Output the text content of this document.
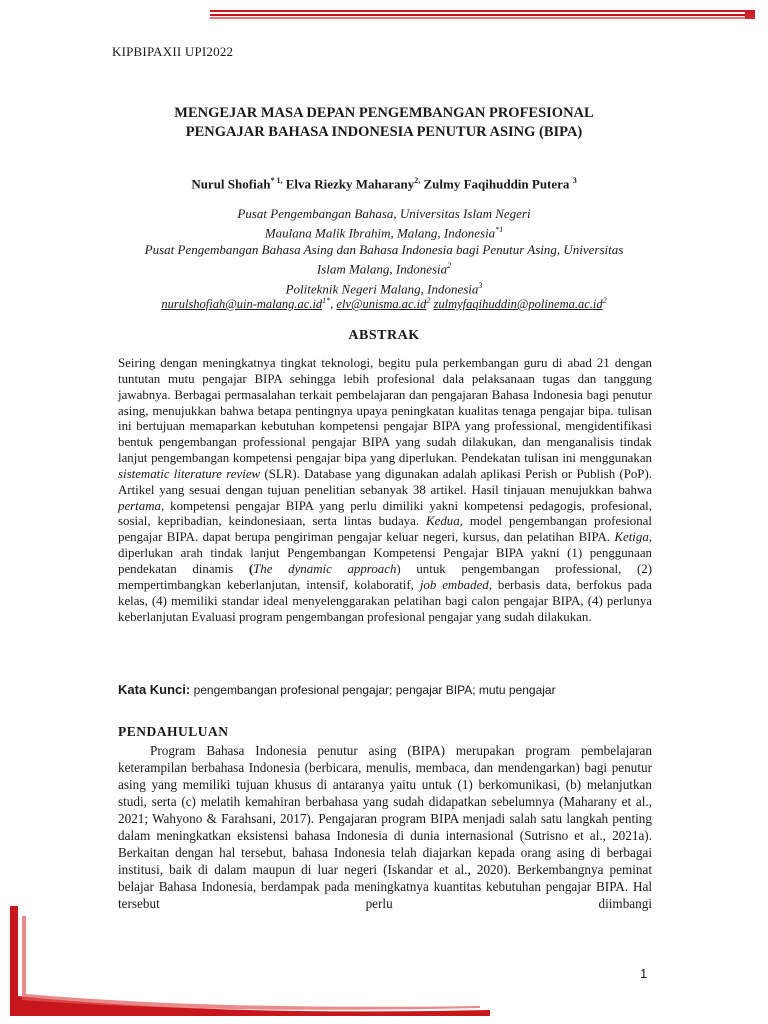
KIPBIPAXII UPI2022
MENGEJAR MASA DEPAN PENGEMBANGAN PROFESIONAL
PENGAJAR BAHASA INDONESIA PENUTUR ASING (BIPA)
Nurul Shofiah$^{* 1,}$ Elva Riezky Maharany$^{2,}$ Zulmy Faqihuddin Putera $^3$
Pusat Pengembangan Bahasa, Universitas Islam Negeri
Maulana Malik Ibrahim, Malang, Indonesia$^{*1}$
Pusat Pengembangan Bahasa Asing dan Bahasa Indonesia bagi Penutur Asing, Universitas
Islam Malang, Indonesia$^2$
Politeknik Negeri Malang, Indonesia$^3$
$nurulshofiah@uin-malang.ac.id^{1*}$, $elv@unisma.ac.id^2$ $zulmyfaqihuddin@polinema.ac.id^2$
ABSTRAK
Seiring dengan meningkatnya tingkat teknologi, begitu pula perkembangan guru di abad 21 dengan tuntutan mutu pengajar BIPA sehingga lebih profesional dala pelaksanaan tugas dan tanggung jawabnya. Berbagai permasalahan terkait pembelajaran dan pengajaran Bahasa Indonesia bagi penutur asing, menujukkan bahwa betapa pentingnya upaya peningkatan kualitas tenaga pengajar bipa. tulisan ini bertujuan memaparkan kebutuhan kompetensi pengajar BIPA yang professional, mengidentifikasi bentuk pengembangan professional pengajar BIPA yang sudah dilakukan, dan menganalisis tindak lanjut pengembangan kompetensi pengajar bipa yang diperlukan. Pendekatan tulisan ini menggunakan sistematic literature review (SLR). Database yang digunakan adalah aplikasi Perish or Publish (PoP). Artikel yang sesuai dengan tujuan penelitian sebanyak 38 artikel. Hasil tinjauan menujukkan bahwa pertama, kompetensi pengajar BIPA yang perlu dimiliki yakni kompetensi pedagogis, profesional, sosial, kepribadian, keindonesiaan, serta lintas budaya. Kedua, model pengembangan profesional pengajar BIPA. dapat berupa pengiriman pengajar keluar negeri, kursus, dan pelatihan BIPA. Ketiga, diperlukan arah tindak lanjut Pengembangan Kompetensi Pengajar BIPA yakni (1) penggunaan pendekatan dinamis (The dynamic approach) untuk pengembangan professional, (2) mempertimbangkan keberlanjutan, intensif, kolaboratif, job embaded, berbasis data, berfokus pada kelas, (4) memiliki standar ideal menyelenggarakan pelatihan bagi calon pengajar BIPA, (4) perlunya keberlanjutan Evaluasi program pengembangan profesional pengajar yang sudah dilakukan.
Kata Kunci: pengembangan profesional pengajar; pengajar BIPA; mutu pengajar
PENDAHULUAN
Program Bahasa Indonesia penutur asing (BIPA) merupakan program pembelajaran keterampilan berbahasa Indonesia (berbicara, menulis, membaca, dan mendengarkan) bagi penutur asing yang memiliki tujuan khusus di antaranya yaitu untuk (1) berkomunikasi, (b) melanjutkan studi, serta (c) melatih kemahiran berbahasa yang sudah didapatkan sebelumnya (Maharany et al., 2021; Wahyono & Farahsani, 2017). Pengajaran program BIPA menjadi salah satu langkah penting dalam meningkatkan eksistensi bahasa Indonesia di dunia internasional (Sutrisno et al., 2021a). Berkaitan dengan hal tersebut, bahasa Indonesia telah diajarkan kepada orang asing di berbagai institusi, baik di dalam maupun di luar negeri (Iskandar et al., 2020). Berkembangnya peminat belajar Bahasa Indonesia, berdampak pada meningkatnya kuantitas kebutuhan pengajar BIPA. Hal tersebut perlu diimbangi
1
